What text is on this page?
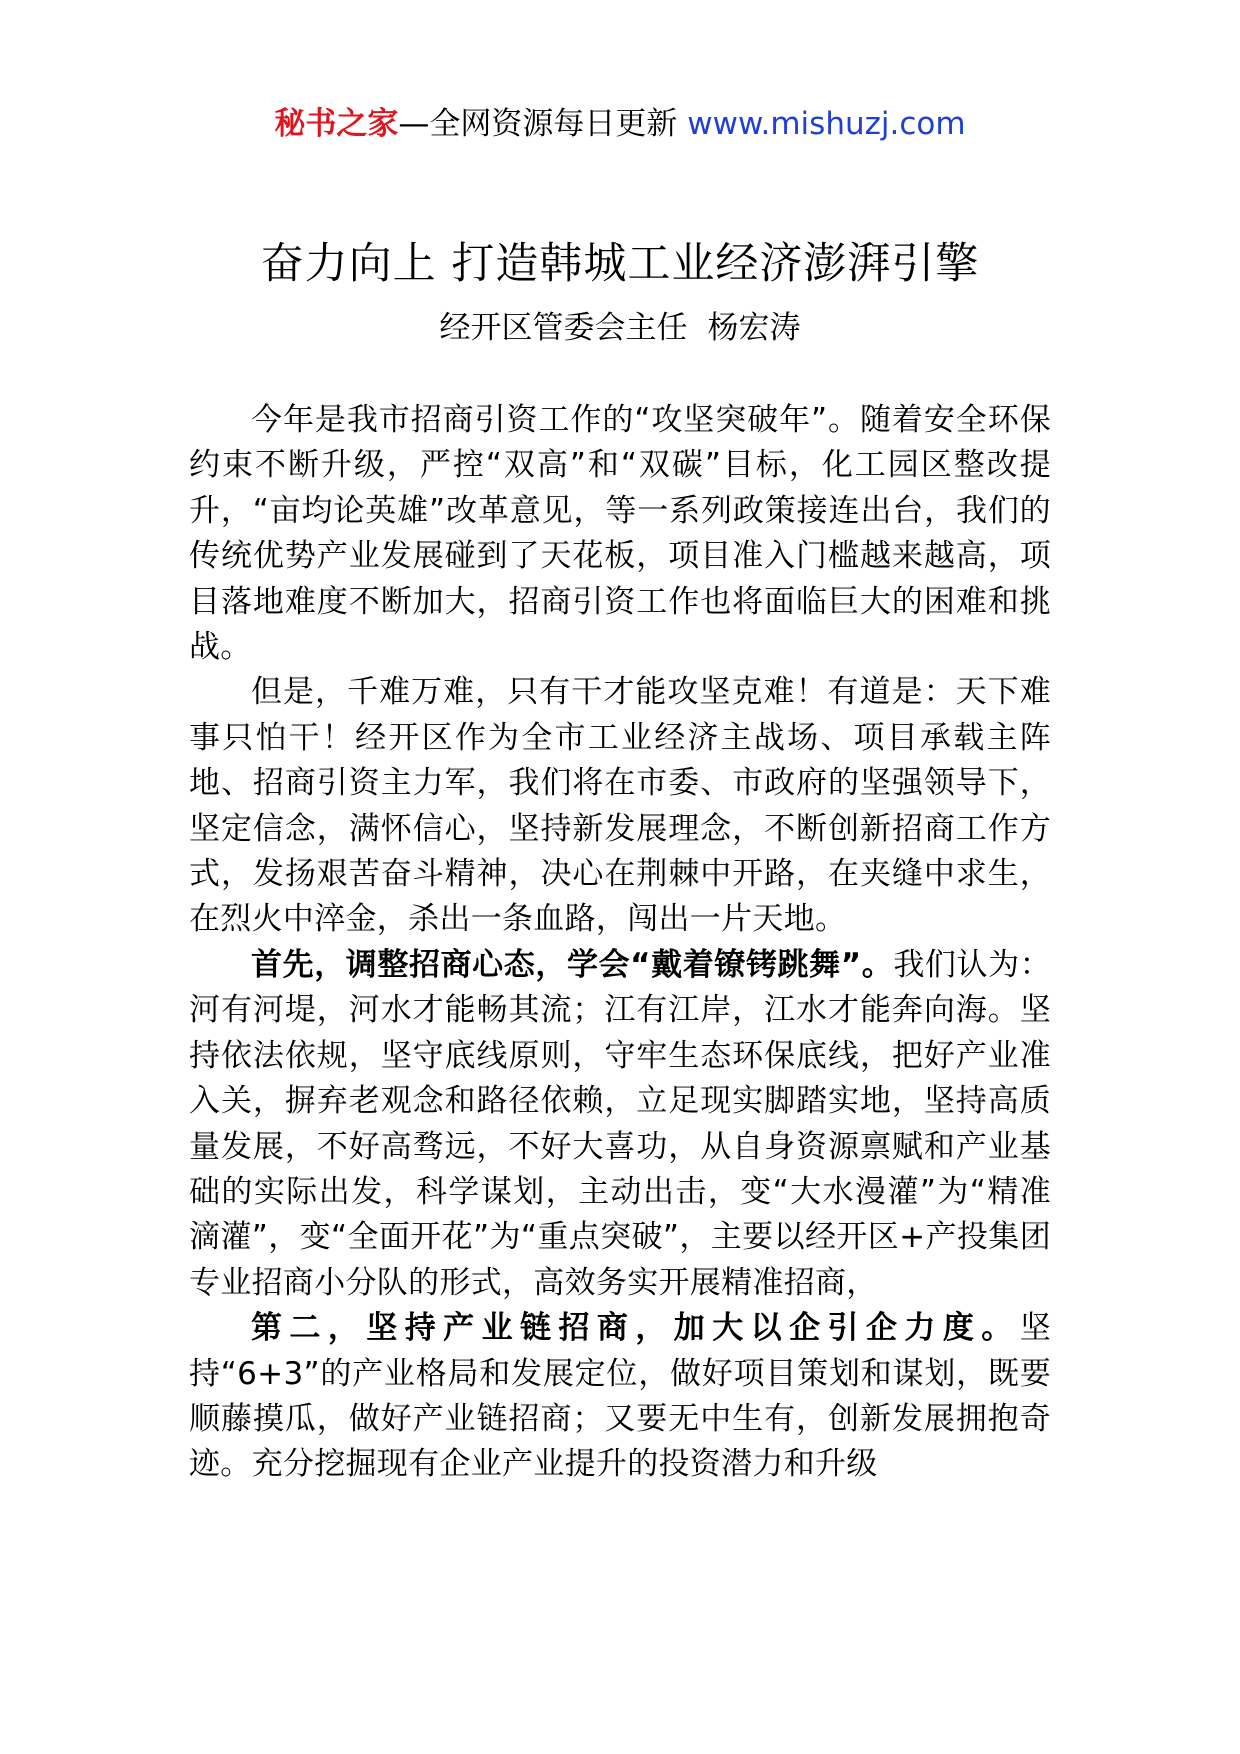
秘书之家—全网资源每日更新 www.mishuzj.com
奋力向上 打造韩城工业经济澎湃引擎
经开区管委会主任 杨宏涛

今年是我市招商引资工作的“攻坚突破年”。随着安全环保约束不断升级，严控“双高”和“双碳”目标，化工园区整改提升，“亩均论英雄”改革意见，等一系列政策接连出台，我们的传统优势产业发展碰到了天花板，项目准入门槛越来越高，项目落地难度不断加大，招商引资工作也将面临巨大的困难和挑战。

但是，千难万难，只有干才能攻坚克难！有道是：天下难事只怕干！经开区作为全市工业经济主战场、项目承载主阵地、招商引资主力军，我们将在市委、市政府的坚强领导下，坚定信念，满怀信心，坚持新发展理念，不断创新招商工作方式，发扬艰苦奋斗精神，决心在荆棘中开路，在夹缝中求生，在烈火中淬金，杀出一条血路，闯出一片天地。

首先，调整招商心态，学会“戴着镣铐跳舞”。我们认为：河有河堤，河水才能畅其流；江有江岸，江水才能奔向海。坚持依法依规，坚守底线原则，守牢生态环保底线，把好产业准入关，摒弃老观念和路径依赖，立足现实脚踏实地，坚持高质量发展，不好高骛远，不好大喜功，从自身资源禀赋和产业基础的实际出发，科学谋划，主动出击，变“大水漫灌”为“精准滴灌”，变“全面开花”为“重点突破”，主要以经开区+产投集团专业招商小分队的形式，高效务实开展精准招商，

第二，坚持产业链招商，加大以企引企力度。坚持“6+3”的产业格局和发展定位，做好项目策划和谋划，既要顺藤摸瓜，做好产业链招商；又要无中生有，创新发展拥抱奇迹。充分挖掘现有企业产业提升的投资潜力和升级
